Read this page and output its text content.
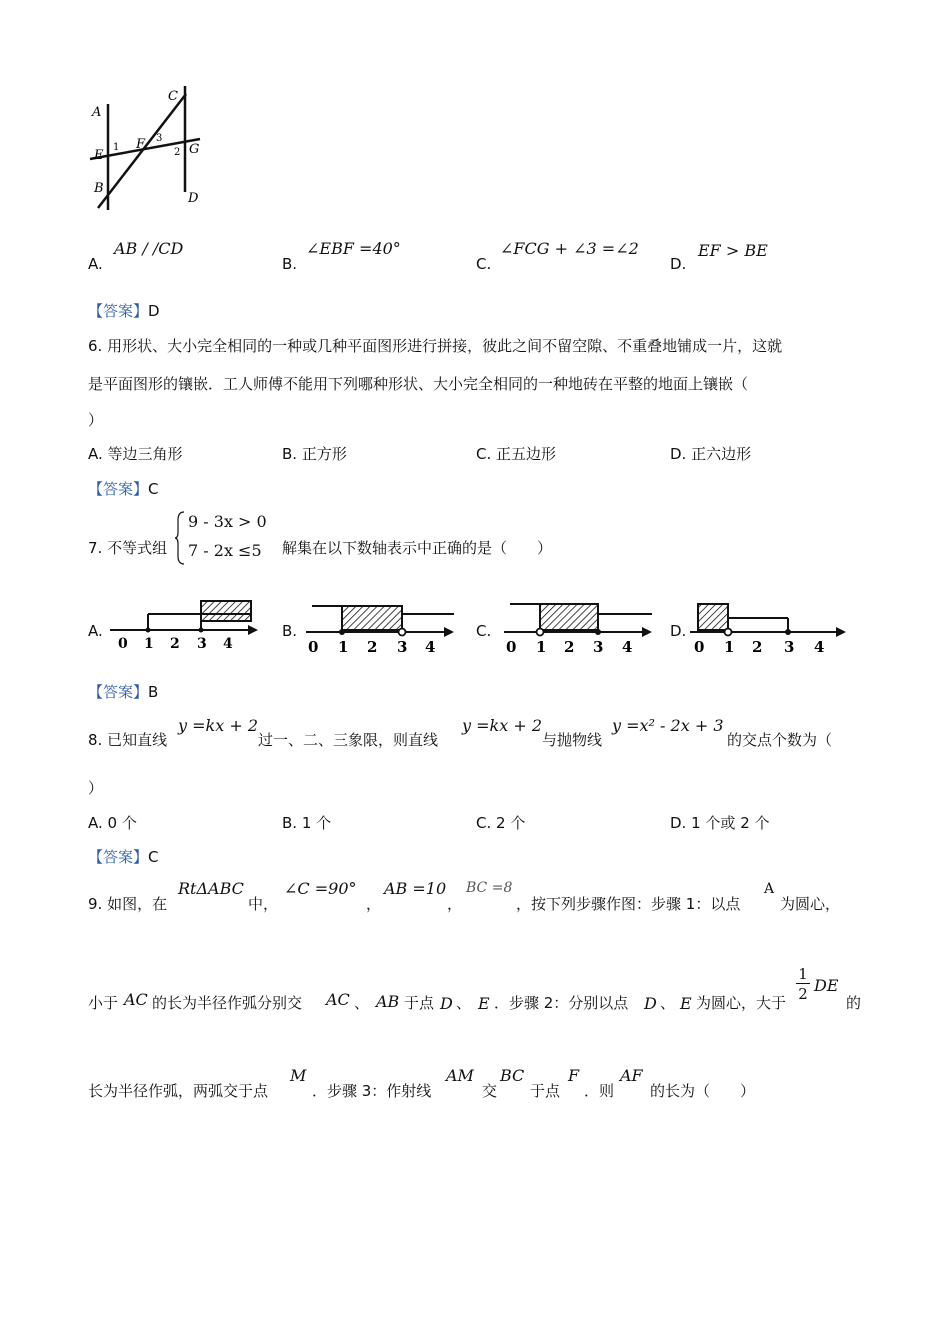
A
E
1
B
F 3
C
2 G
D
A.
AB / /CD
B.
∠EBF =40°
C.
∠FCG + ∠3 =∠2
D.
EF > BE
【答案】D
6. 用形状、大小完全相同的一种或几种平面图形进行拼接，彼此之间不留空隙、不重叠地铺成一片，这就
是平面图形的镶嵌．工人师傅不能用下列哪种形状、大小完全相同的一种地砖在平整的地面上镶嵌（
）
A. 等边三角形	B. 正方形	C. 正五边形	D. 正六边形
【答案】C
7. 不等式组
9 - 3x > 0
7 - 2x ≤5 解集在以下数轴表示中正确的是（　　）
A.
0 1 2 3 4
B.
0 1 2 3 4
C.
0 1 2 3 4
D.
0 1 2 3 4
【答案】B
8. 已知直线
y =kx + 2
过一、二、三象限，则直线
y =kx + 2
与抛物线
y =x² - 2x + 3
的交点个数为（
）
A. 0 个	B. 1 个	C. 2 个	D. 1 个或 2 个
【答案】C
9. 如图，在
RtΔABC
中，
∠C =90°
，
AB =10
，
BC =8
，按下列步骤作图：步骤 1：以点
A
为圆心，
小于 AC 的长为半径作弧分别交 AC 、 AB 于点 D 、 E ．步骤 2：分别以点 D 、 E 为圆心，大于
1
2 DE
的
长为半径作弧，两弧交于点
M
．步骤 3：作射线
AM
交
BC
于点
F
．则
AF
的长为（　　）
